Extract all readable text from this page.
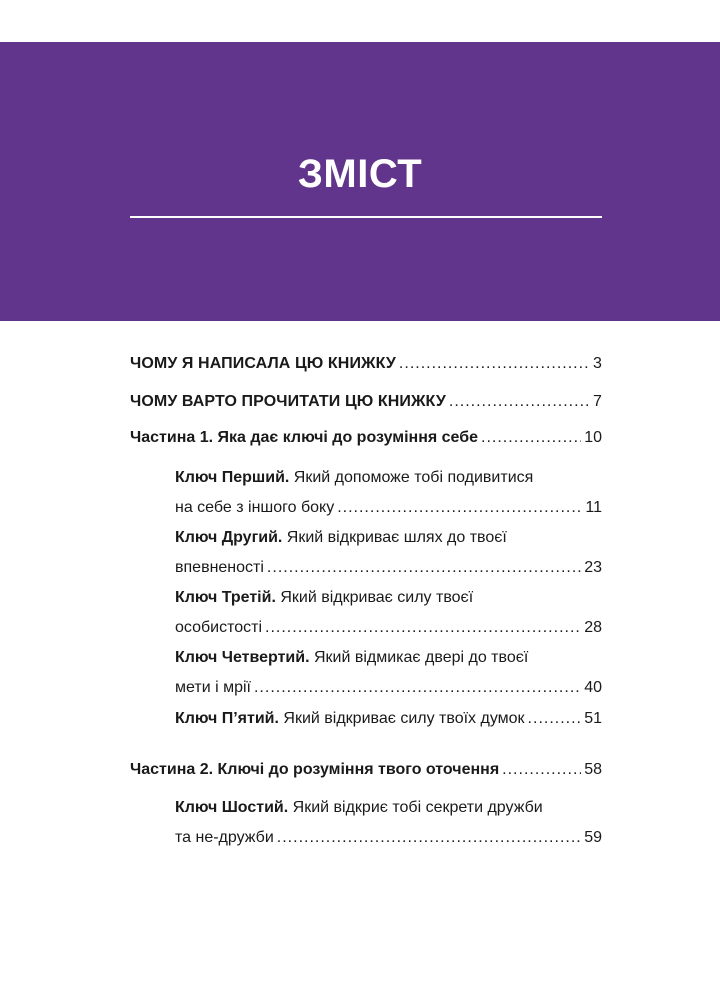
ЗМІСТ
ЧОМУ Я НАПИСАЛА ЦЮ КНИЖКУ .....	3
ЧОМУ ВАРТО ПРОЧИТАТИ ЦЮ КНИЖКУ .....	7
Частина 1. Яка дає ключі до розуміння себе .....	10
Ключ Перший. Який допоможе тобі подивитися
на себе з іншого боку .....	11
Ключ Другий. Який відкриває шлях до твоєї
впевненості .....	23
Ключ Третій. Який відкриває силу твоєї
особистості .....	28
Ключ Четвертий. Який відмикає двері до твоєї
мети і мрії .....	40
Ключ П’ятий. Який відкриває силу твоїх думок .....	51
Частина 2. Ключі до розуміння твого оточення .....	58
Ключ Шостий. Який відкриє тобі секрети дружби
та не-дружби .....	59
